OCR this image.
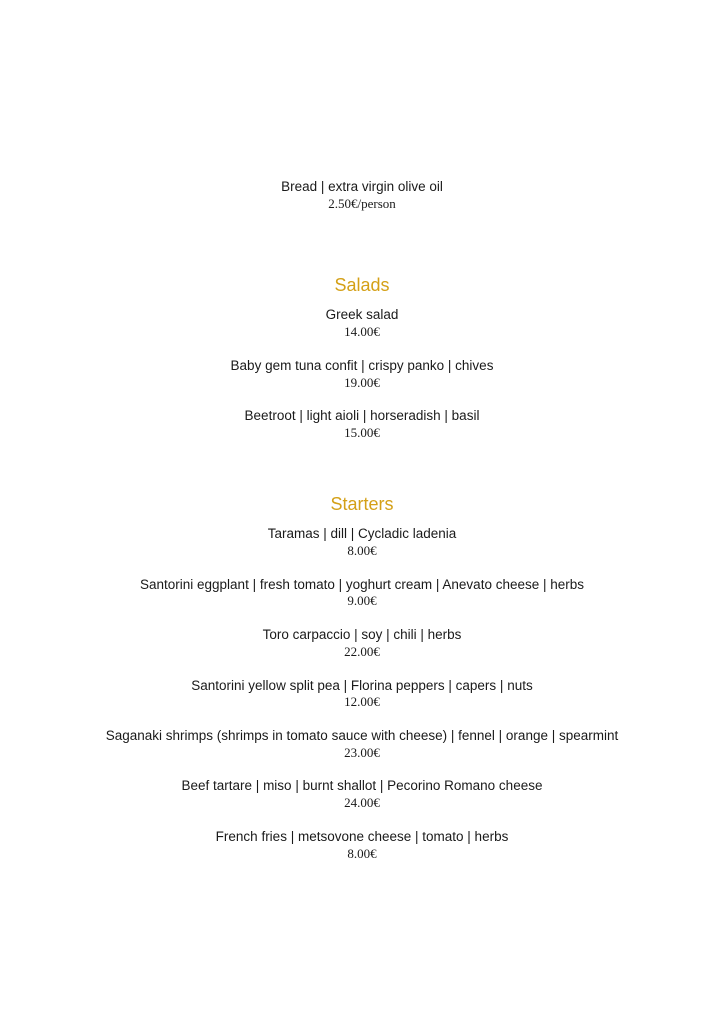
Bread | extra virgin olive oil
2.50€/person
Salads
Greek salad
14.00€
Baby gem tuna confit | crispy panko | chives
19.00€
Beetroot | light aioli | horseradish | basil
15.00€
Starters
Taramas | dill | Cycladic ladenia
8.00€
Santorini eggplant | fresh tomato | yoghurt cream | Anevato cheese | herbs
9.00€
Toro carpaccio | soy | chili | herbs
22.00€
Santorini yellow split pea | Florina peppers | capers | nuts
12.00€
Saganaki shrimps (shrimps in tomato sauce with cheese) | fennel | orange | spearmint
23.00€
Beef tartare | miso | burnt shallot | Pecorino Romano cheese
24.00€
French fries | metsovone cheese | tomato | herbs
8.00€
